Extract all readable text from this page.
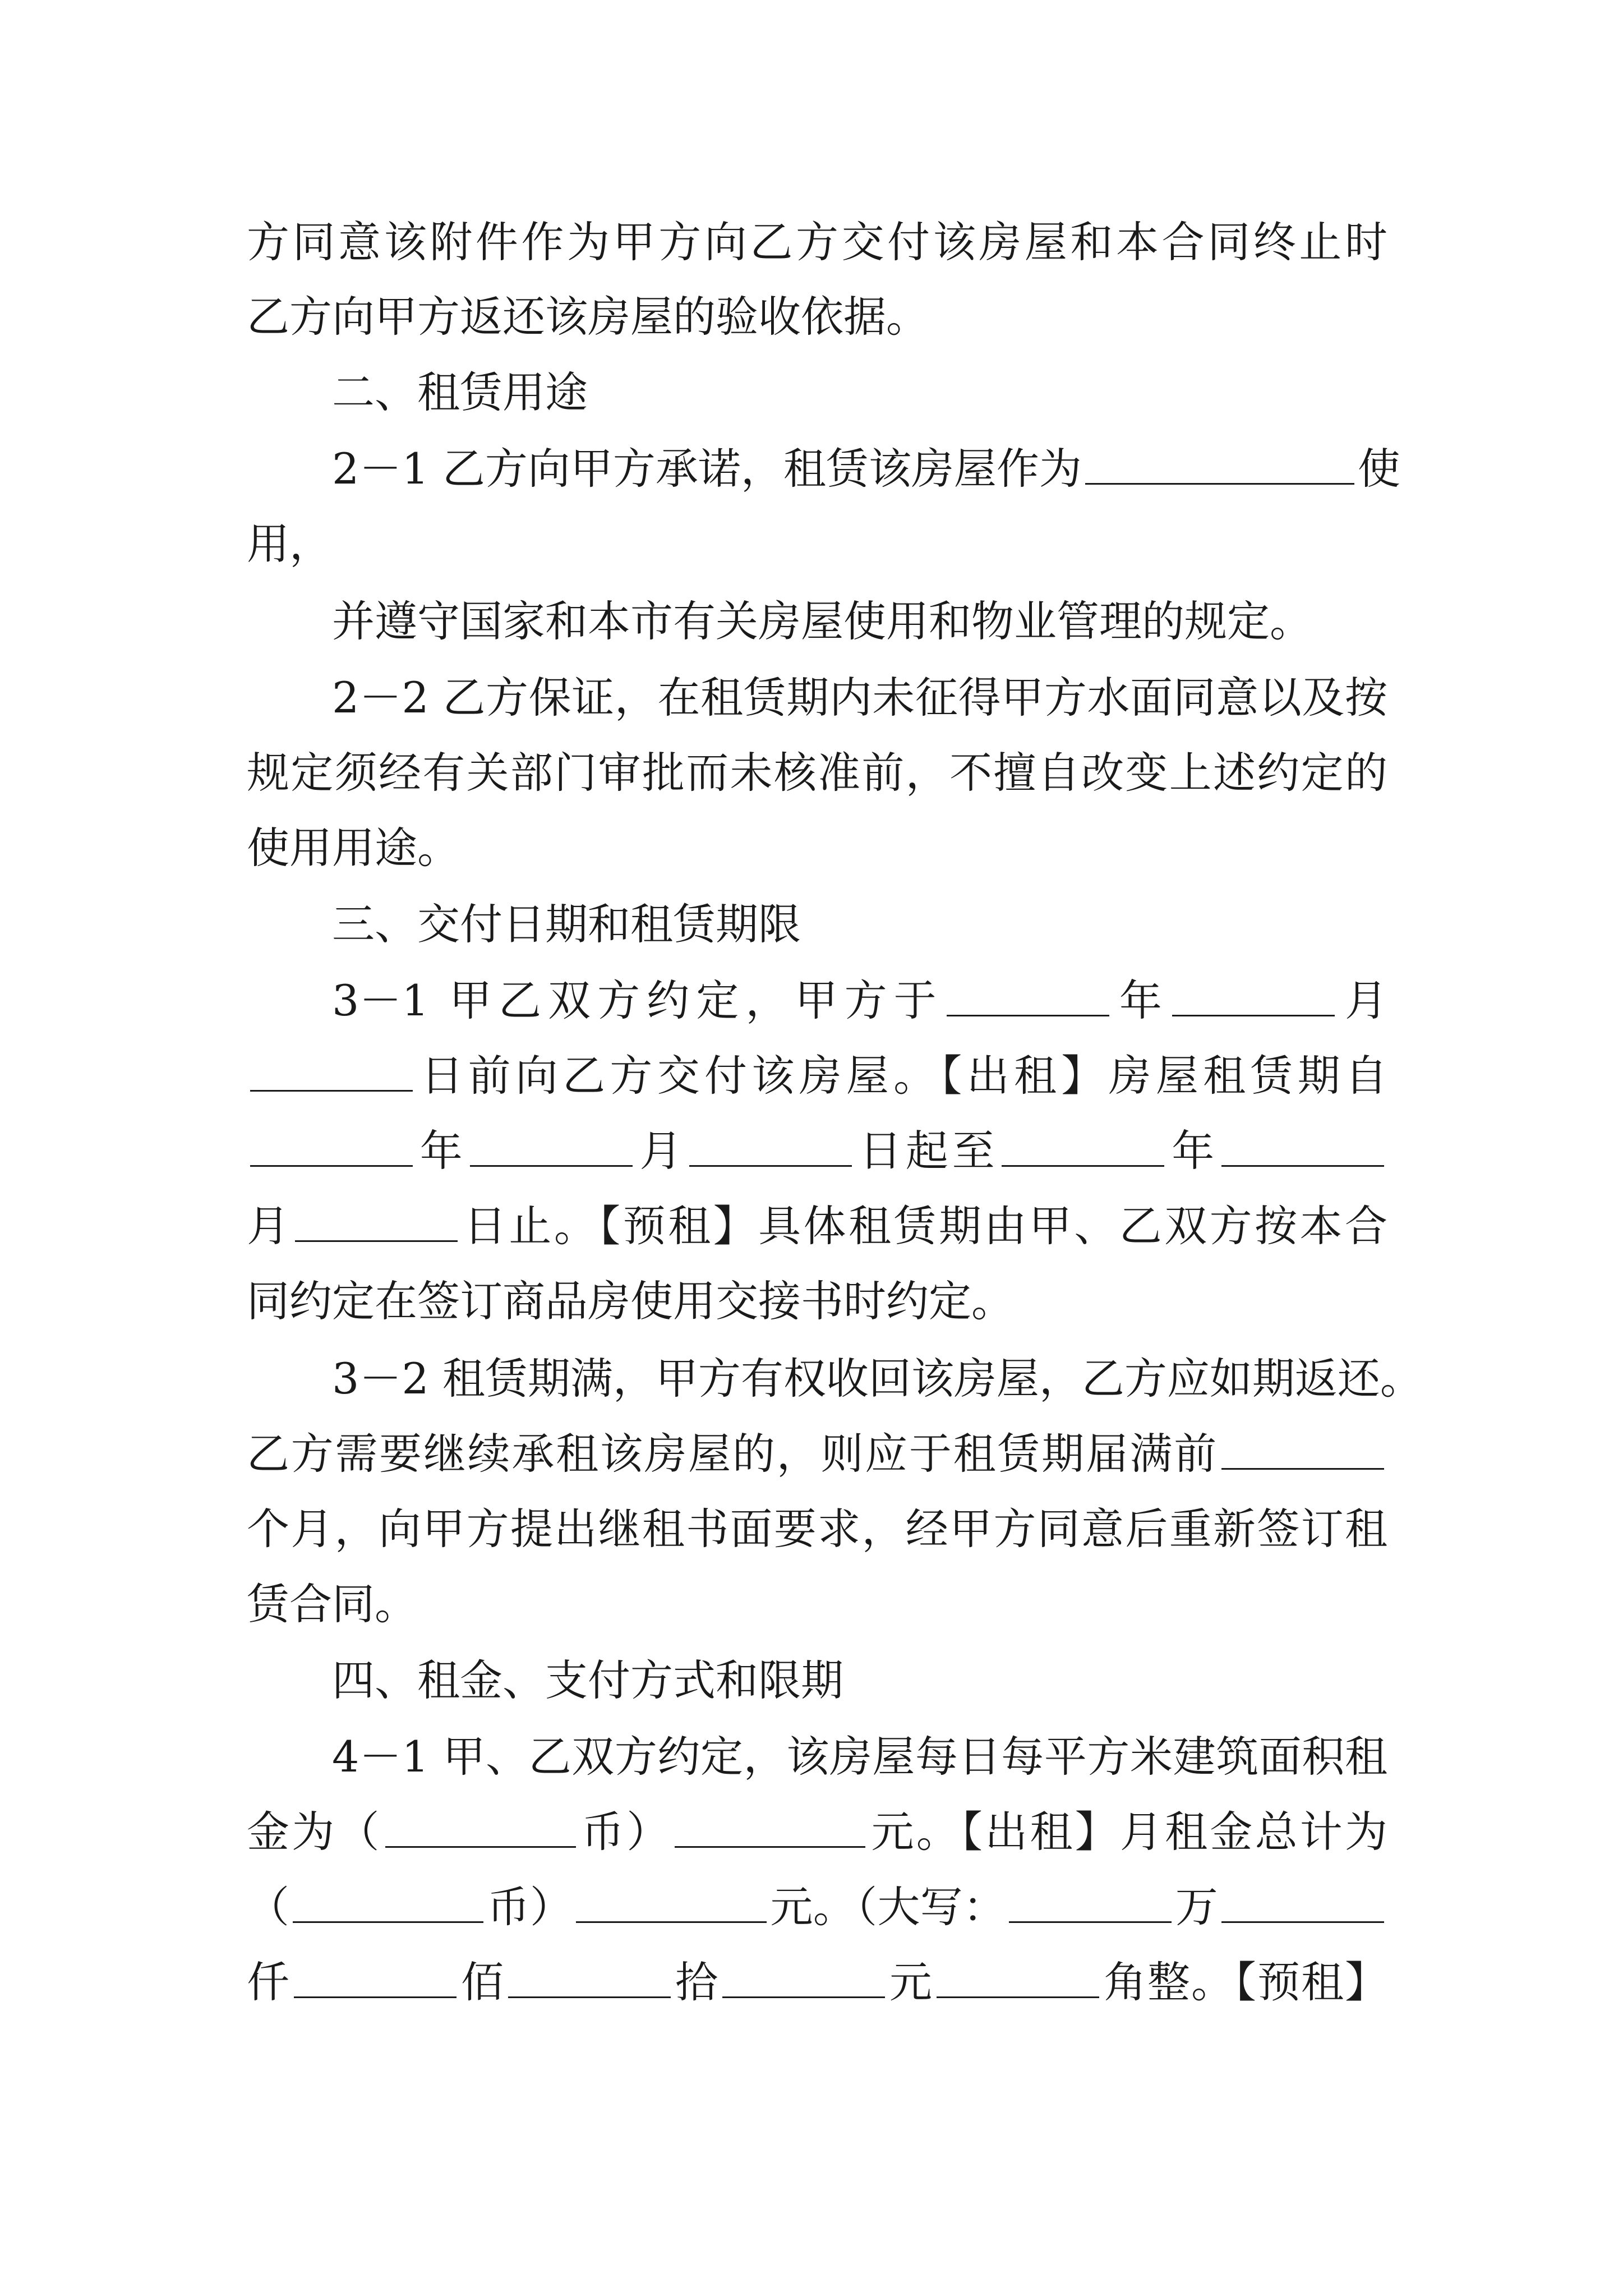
方同意该附件作为甲方向乙方交付该房屋和本合同终止时
乙方向甲方返还该房屋的验收依据。
二、租赁用途
2－1 乙方向甲方承诺，租赁该房屋作为	使
用，
并遵守国家和本市有关房屋使用和物业管理的规定。
2－2 乙方保证，在租赁期内未征得甲方水面同意以及按
规定须经有关部门审批而未核准前，不擅自改变上述约定的
使用用途。
三、交付日期和租赁期限
3－1 甲乙双方约定，甲方于	年	月
日前向乙方交付该房屋。【出租】房屋租赁期自
年	月	日起至	年
月	日止。【预租】具体租赁期由甲、乙双方按本合
同约定在签订商品房使用交接书时约定。
3－2 租赁期满，甲方有权收回该房屋，乙方应如期返还。
乙方需要继续承租该房屋的，则应于租赁期届满前
个月，向甲方提出继租书面要求，经甲方同意后重新签订租
赁合同。
四、租金、支付方式和限期
4－1 甲、乙双方约定，该房屋每日每平方米建筑面积租
金为（	币）	元。【出租】月租金总计为
（	币）	元。（大写：	万
仟	佰	拾	元	角整。【预租】
